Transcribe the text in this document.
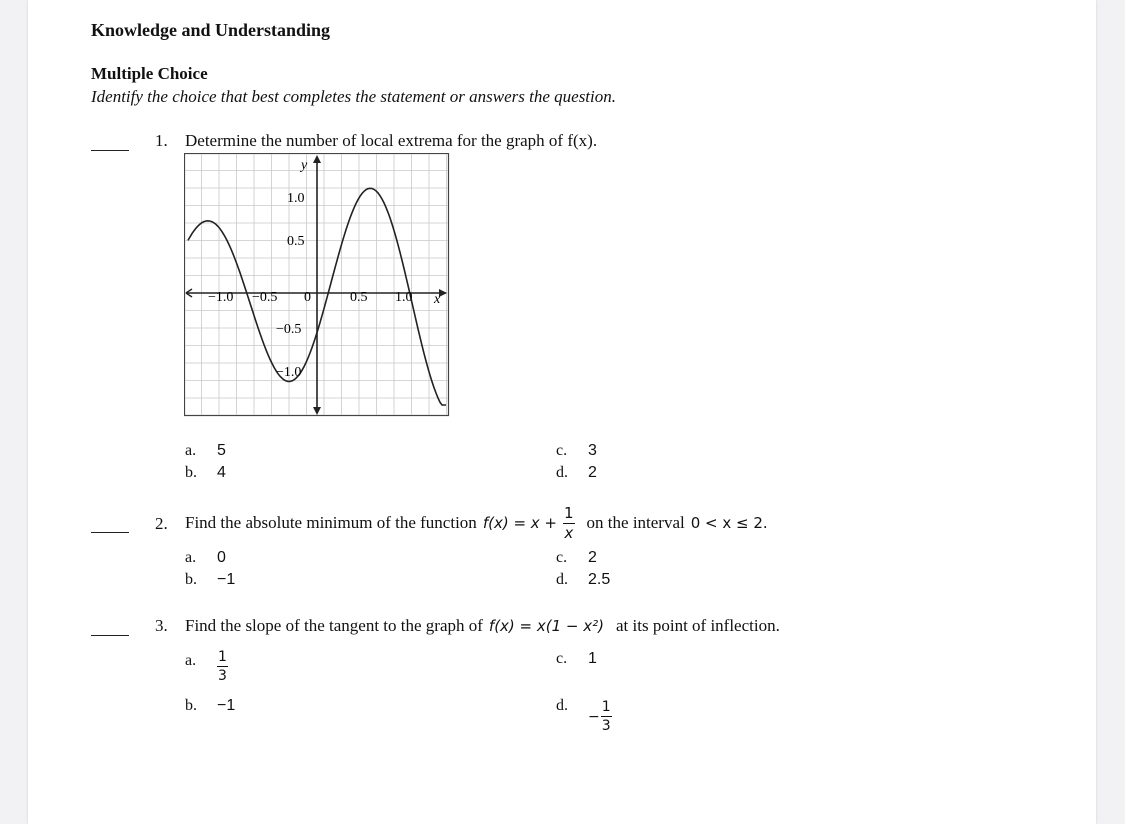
Knowledge and Understanding
Multiple Choice
Identify the choice that best completes the statement or answers the question.
1. Determine the number of local extrema for the graph of f(x).
y
x
1.0
0.5
−0.5
−1.0
−1.0 −0.5 0	0.5 1.0
a. 5
b. 4
c. 3
d. 2
2. Find the absolute minimum of the function $f(x) = x + \frac{1}{x}$ on the interval 0 < x ≤ 2.
a. 0
b. −1
c. 2
d. 2.5
3. Find the slope of the tangent to the graph of f(x) = x(1 − x²) at its point of inflection.
a.	$\frac{1}{3}$
b. −1
c. 1
d.
− $\frac{1}{3}$
